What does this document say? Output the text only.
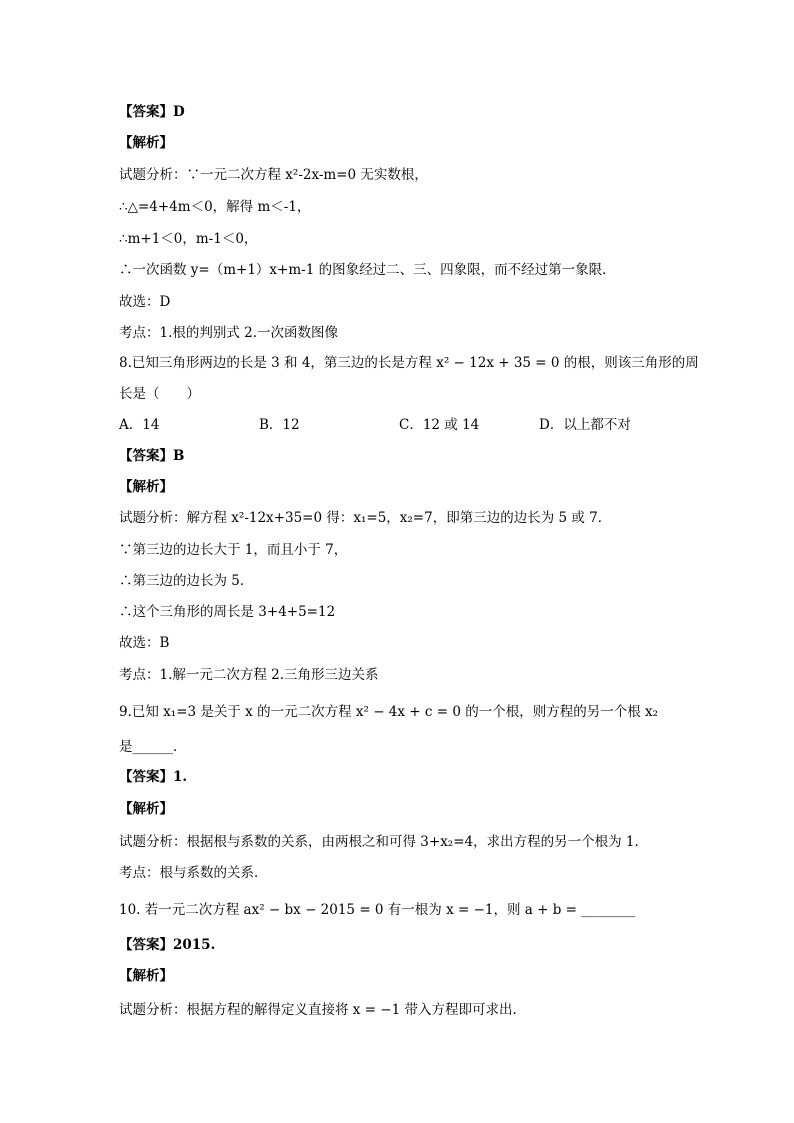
【答案】D
【解析】
试题分析：∵一元二次方程 x²-2x-m=0 无实数根，
∴△=4+4m＜0，解得 m＜-1，
∴m+1＜0，m-1＜0，
∴一次函数 y=（m+1）x+m-1 的图象经过二、三、四象限，而不经过第一象限．
故选：D
考点：1.根的判别式 2.一次函数图像
8.已知三角形两边的长是 3 和 4，第三边的长是方程 x² − 12x + 35 = 0 的根，则该三角形的周
长是（　　）
A．14	B．12	C．12 或 14	D．以上都不对
【答案】B
【解析】
试题分析：解方程 x²-12x+35=0 得：x₁=5，x₂=7，即第三边的边长为 5 或 7．
∵第三边的边长大于 1，而且小于 7，
∴第三边的边长为 5．
∴这个三角形的周长是 3+4+5=12
故选：B
考点：1.解一元二次方程 2.三角形三边关系
9.已知 x₁=3 是关于 x 的一元二次方程 x² − 4x + c = 0 的一个根，则方程的另一个根 x₂
是______．
【答案】1.
【解析】
试题分析：根据根与系数的关系，由两根之和可得 3+x₂=4，求出方程的另一个根为 1．
考点：根与系数的关系．
10. 若一元二次方程 ax² − bx − 2015 = 0 有一根为 x = −1，则 a + b = ________
【答案】2015.
【解析】
试题分析：根据方程的解得定义直接将 x = −1 带入方程即可求出.
